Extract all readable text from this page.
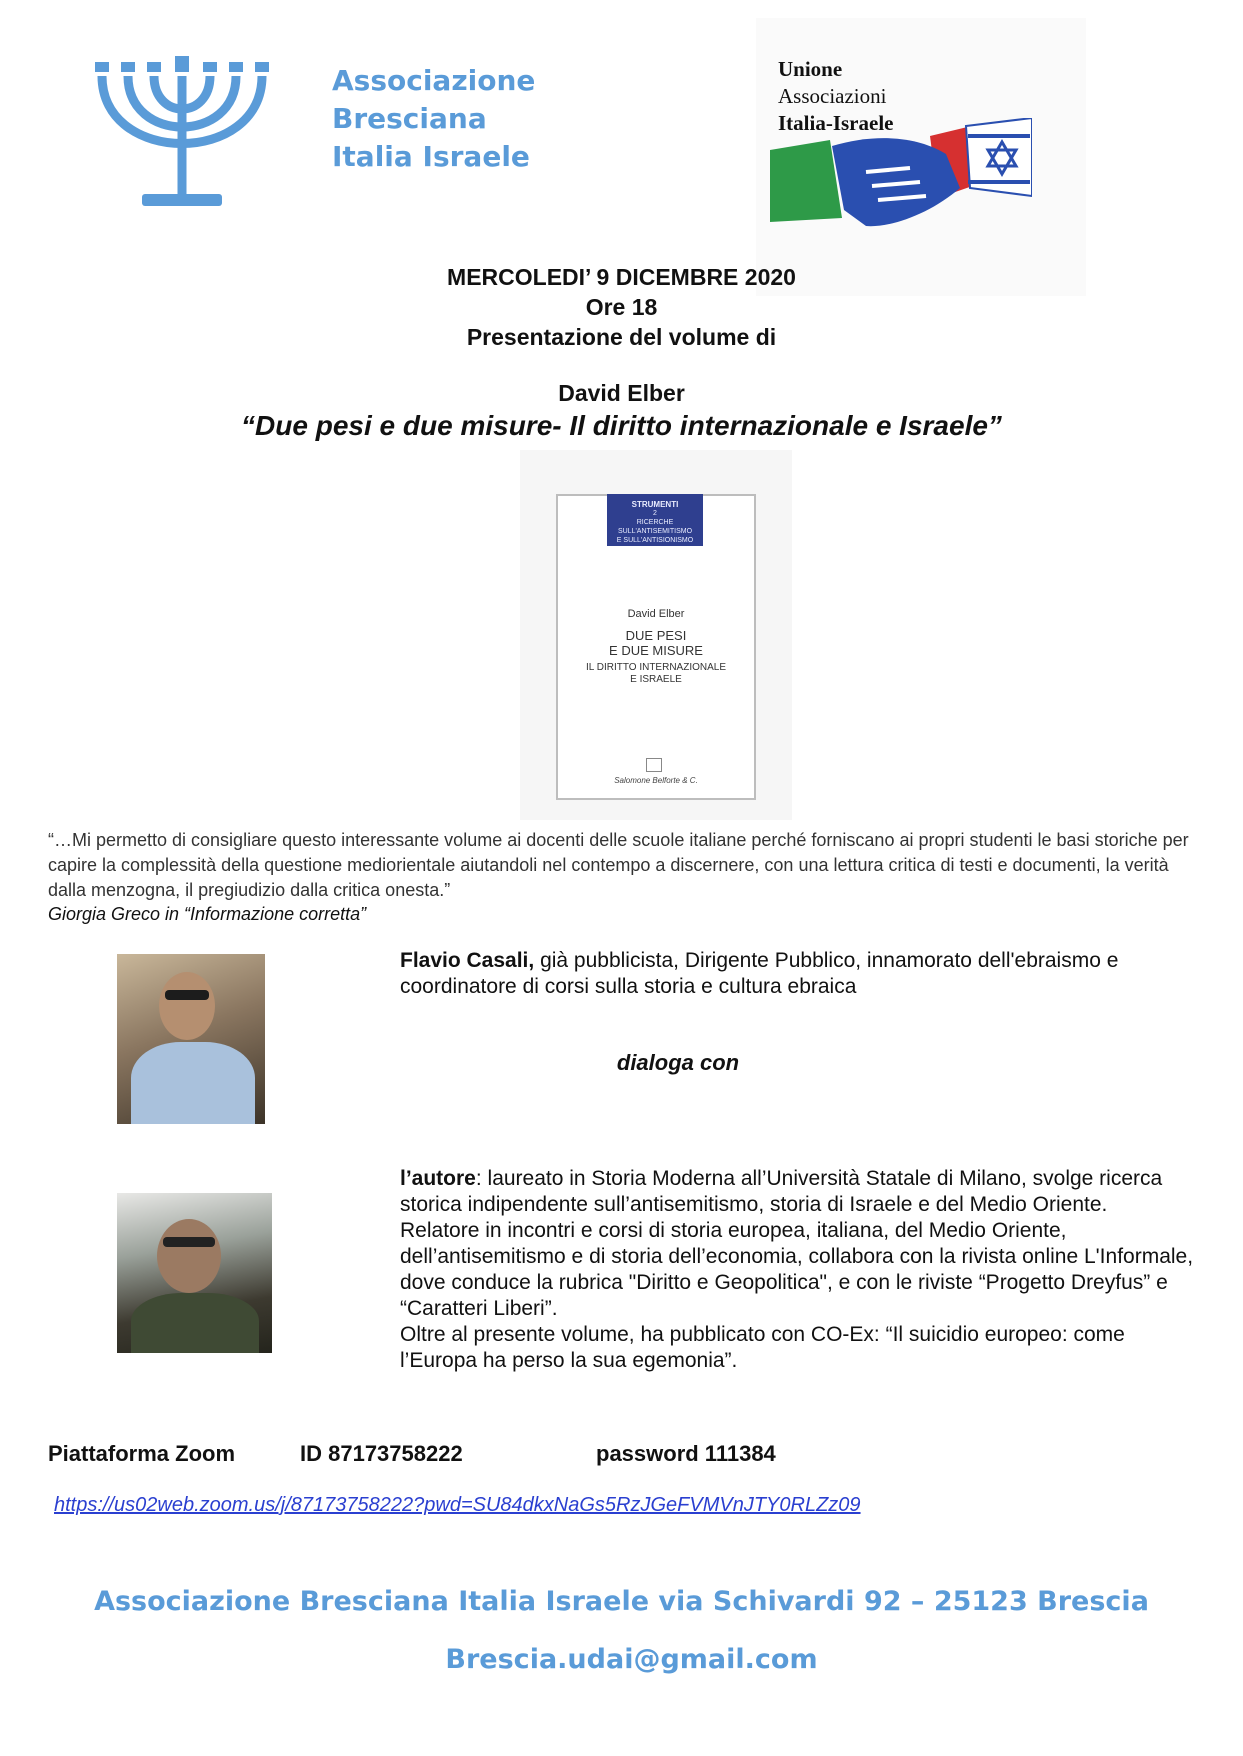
Associazione
Bresciana
Italia Israele
Unione
Associazioni
Italia-Israele
MERCOLEDI’ 9 DICEMBRE 2020
Ore 18
Presentazione del volume di
David Elber
“Due pesi e due misure- Il diritto internazionale e Israele”
STRUMENTI
2
RICERCHE
SULL'ANTISEMITISMO
E SULL'ANTISIONISMO
David Elber
DUE PESI
E DUE MISURE
IL DIRITTO INTERNAZIONALE
E ISRAELE
Salomone Belforte & C.
“…Mi permetto di consigliare questo interessante volume ai docenti delle scuole italiane perché forniscano ai propri studenti le basi storiche per capire la complessità della questione mediorientale aiutandoli nel contempo a discernere, con una lettura critica di testi e documenti, la verità dalla menzogna, il pregiudizio dalla critica onesta.”
Giorgia Greco in “Informazione corretta”
Flavio Casali, già pubblicista, Dirigente Pubblico, innamorato dell'ebraismo e coordinatore di corsi sulla storia e cultura ebraica
dialoga con
l’autore: laureato in Storia Moderna all’Università Statale di Milano, svolge ricerca storica indipendente sull’antisemitismo, storia di Israele e del Medio Oriente.
Relatore in incontri e corsi di storia europea, italiana, del Medio Oriente, dell’antisemitismo e di storia dell’economia, collabora con la rivista online L'Informale, dove conduce la rubrica "Diritto e Geopolitica", e con le riviste “Progetto Dreyfus” e “Caratteri Liberi”.
Oltre al presente volume, ha pubblicato con CO-Ex: “Il suicidio europeo: come l’Europa ha perso la sua egemonia”.
Piattaforma Zoom	ID 87173758222	password 111384
https://us02web.zoom.us/j/87173758222?pwd=SU84dkxNaGs5RzJGeFVMVnJTY0RLZz09
Associazione Bresciana Italia Israele via Schivardi 92 – 25123 Brescia
Brescia.udai@gmail.com
